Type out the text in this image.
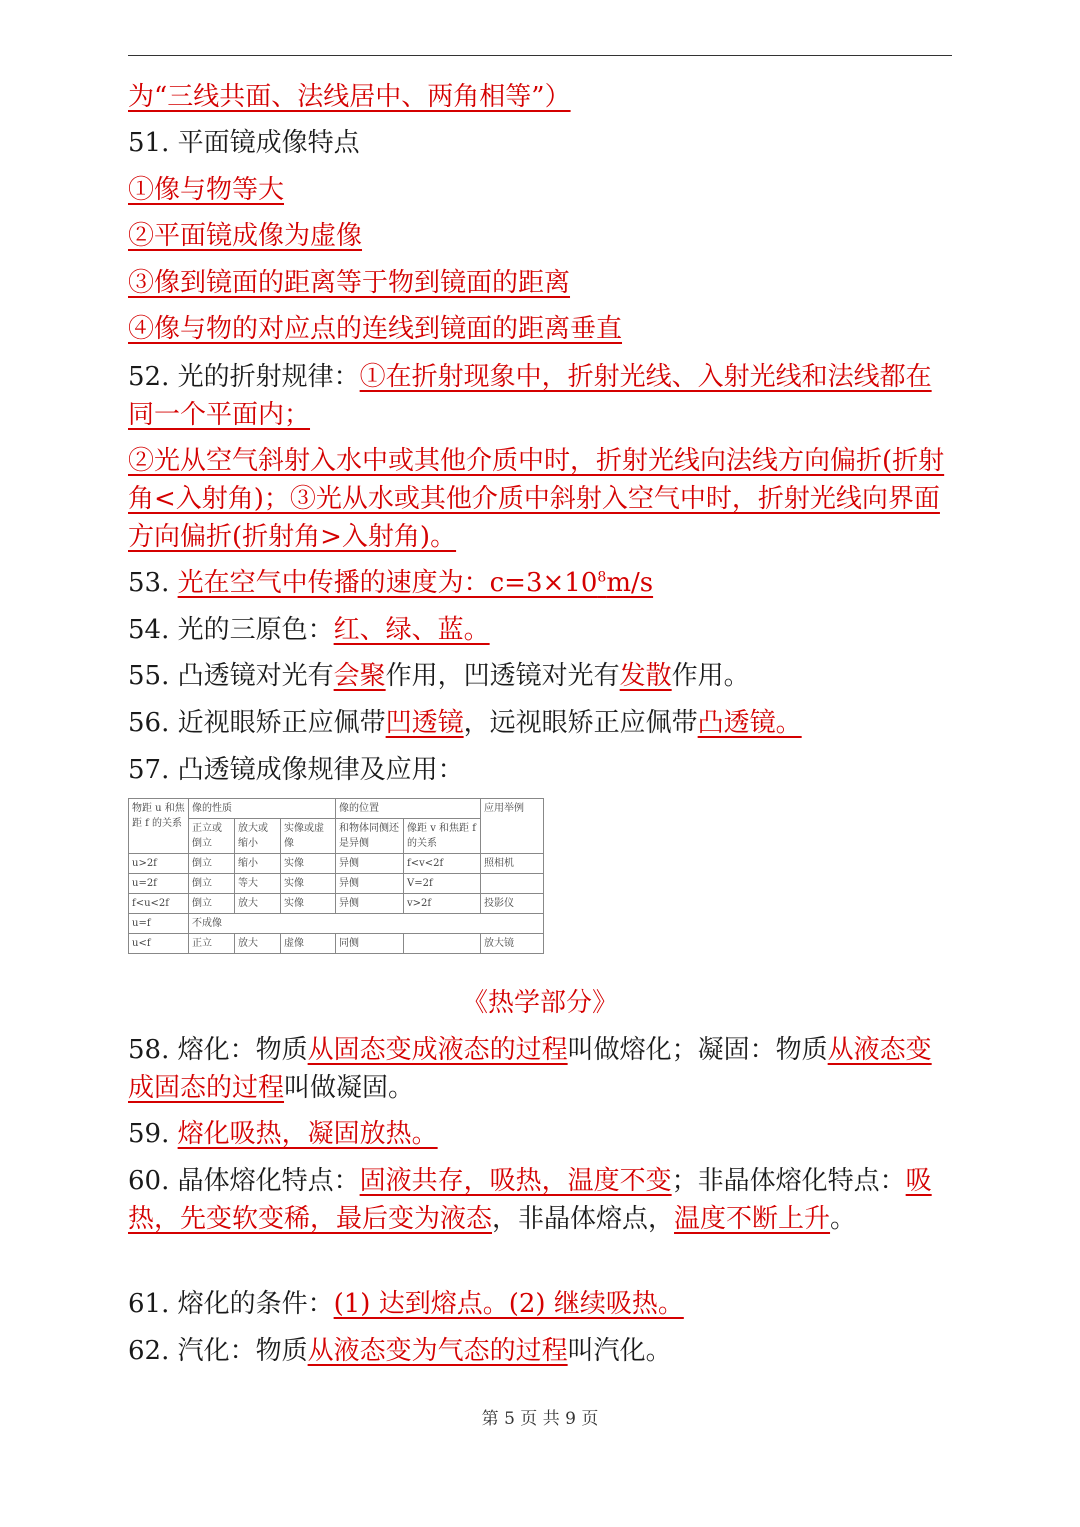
为“三线共面、法线居中、两角相等”）
51. 平面镜成像特点
①像与物等大
②平面镜成像为虚像
③像到镜面的距离等于物到镜面的距离
④像与物的对应点的连线到镜面的距离垂直
52. 光的折射规律：①在折射现象中，折射光线、入射光线和法线都在同一个平面内；
②光从空气斜射入水中或其他介质中时，折射光线向法线方向偏折(折射角<入射角)；③光从水或其他介质中斜射入空气中时，折射光线向界面方向偏折(折射角>入射角)。
53. 光在空气中传播的速度为：$c=3\times 10^8m/s$
54. 光的三原色：红、绿、蓝。
55. 凸透镜对光有会聚作用，凹透镜对光有发散作用。
56. 近视眼矫正应佩带凹透镜，远视眼矫正应佩带凸透镜。
57. 凸透镜成像规律及应用：
物距 u 和焦距 f 的关系	像的性质			像的位置		应用举例
	正立或倒立	放大或缩小	实像或虚像	和物体同侧还是异侧	像距 v 和焦距 f 的关系	
u>2f	倒立	缩小	实像	异侧	f<v<2f	照相机
u=2f	倒立	等大	实像	异侧	V=2f	
f<u<2f	倒立	放大	实像	异侧	v>2f	投影仪
u=f	不成像					
u<f	正立	放大	虚像	同侧		放大镜
《热学部分》
58. 熔化：物质从固态变成液态的过程叫做熔化；凝固：物质从液态变成固态的过程叫做凝固。
59. 熔化吸热，凝固放热。
60. 晶体熔化特点：固液共存，吸热，温度不变；非晶体熔化特点：吸热，先变软变稀，最后变为液态，非晶体熔点，温度不断上升。
61. 熔化的条件：(1) 达到熔点。(2) 继续吸热。
62. 汽化：物质从液态变为气态的过程叫汽化。
第 5 页 共 9 页
